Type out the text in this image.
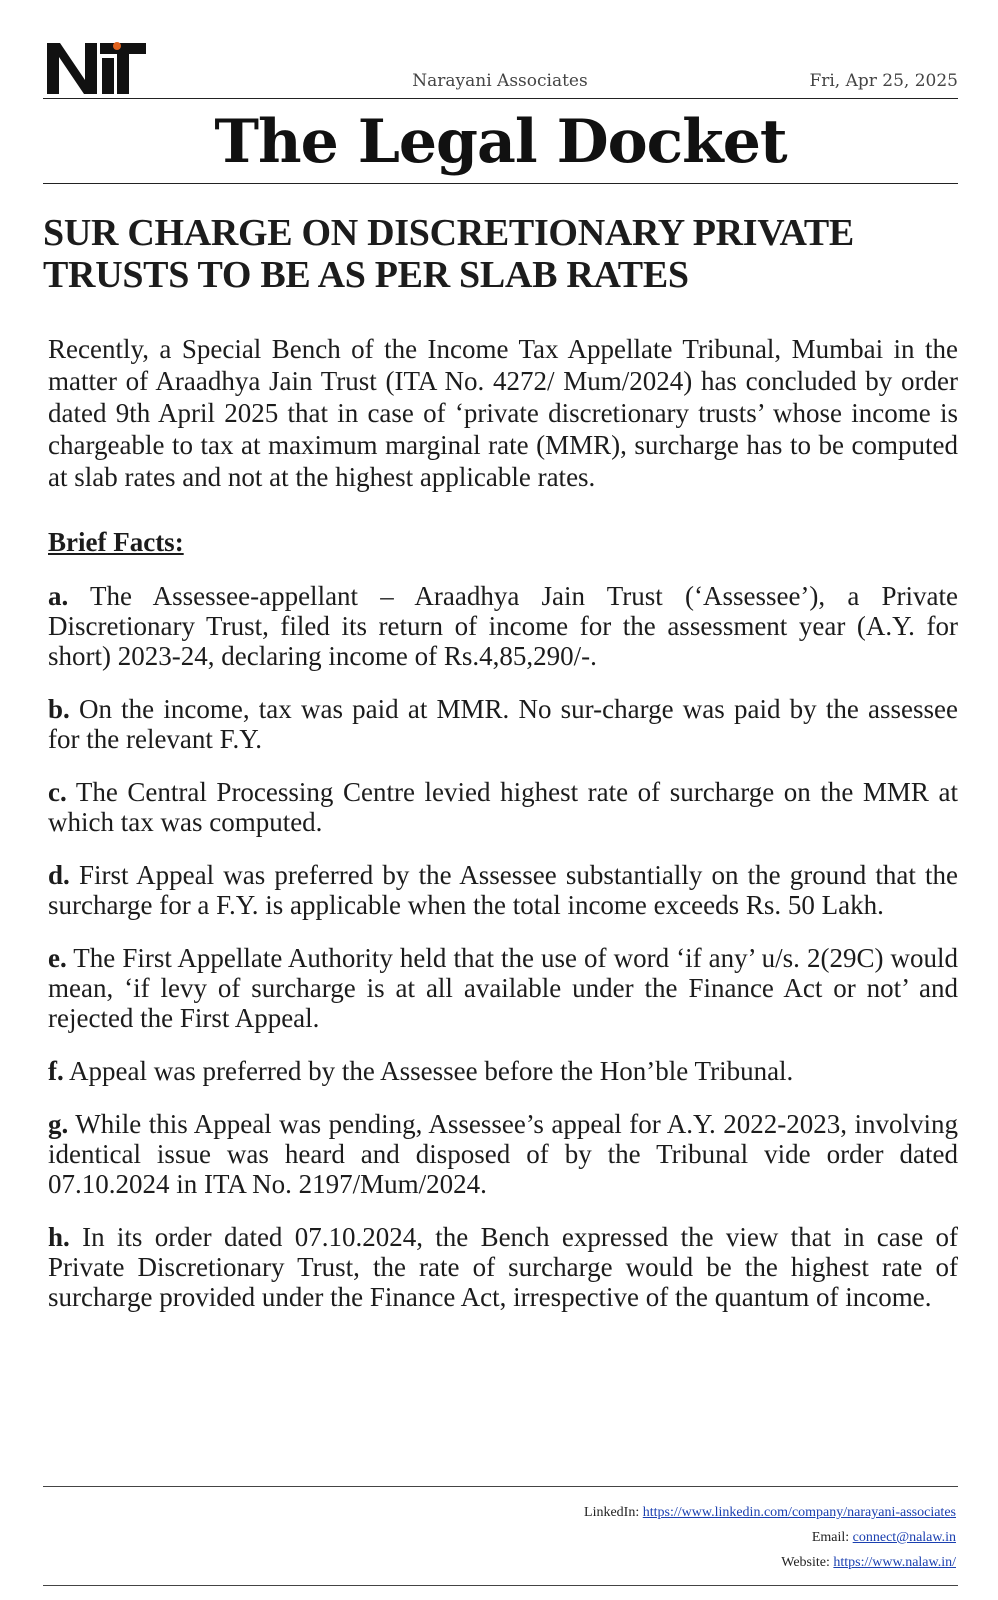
NT
Narayani Associates	Fri, Apr 25, 2025
The Legal Docket
SUR CHARGE ON DISCRETIONARY PRIVATE TRUSTS TO BE AS PER SLAB RATES

Recently, a Special Bench of the Income Tax Appellate Tribunal, Mumbai in the matter of Araadhya Jain Trust (ITA No. 4272/ Mum/2024) has concluded by order dated 9th April 2025 that in case of ‘private discretionary trusts’ whose income is chargeable to tax at maximum marginal rate (MMR), surcharge has to be computed at slab rates and not at the highest applicable rates.

Brief Facts:

a. The Assessee-appellant – Araadhya Jain Trust (‘Assessee’), a Private Discretionary Trust, filed its return of income for the assessment year (A.Y. for short) 2023-24, declaring income of Rs.4,85,290/-.

b. On the income, tax was paid at MMR. No sur-charge was paid by the assessee for the relevant F.Y.

c. The Central Processing Centre levied highest rate of surcharge on the MMR at which tax was computed.

d. First Appeal was preferred by the Assessee substantially on the ground that the surcharge for a F.Y. is applicable when the total income exceeds Rs. 50 Lakh.

e. The First Appellate Authority held that the use of word ‘if any’ u/s. 2(29C) would mean, ‘if levy of surcharge is at all available under the Finance Act or not’ and rejected the First Appeal.

f. Appeal was preferred by the Assessee before the Hon’ble Tribunal.

g. While this Appeal was pending, Assessee’s appeal for A.Y. 2022-2023, involving identical issue was heard and disposed of by the Tribunal vide order dated 07.10.2024 in ITA No. 2197/Mum/2024.

h. In its order dated 07.10.2024, the Bench expressed the view that in case of Private Discretionary Trust, the rate of surcharge would be the highest rate of surcharge provided under the Finance Act, irrespective of the quantum of income.

LinkedIn: https://www.linkedin.com/company/narayani-associates
Email: connect@nalaw.in
Website: https://www.nalaw.in/
